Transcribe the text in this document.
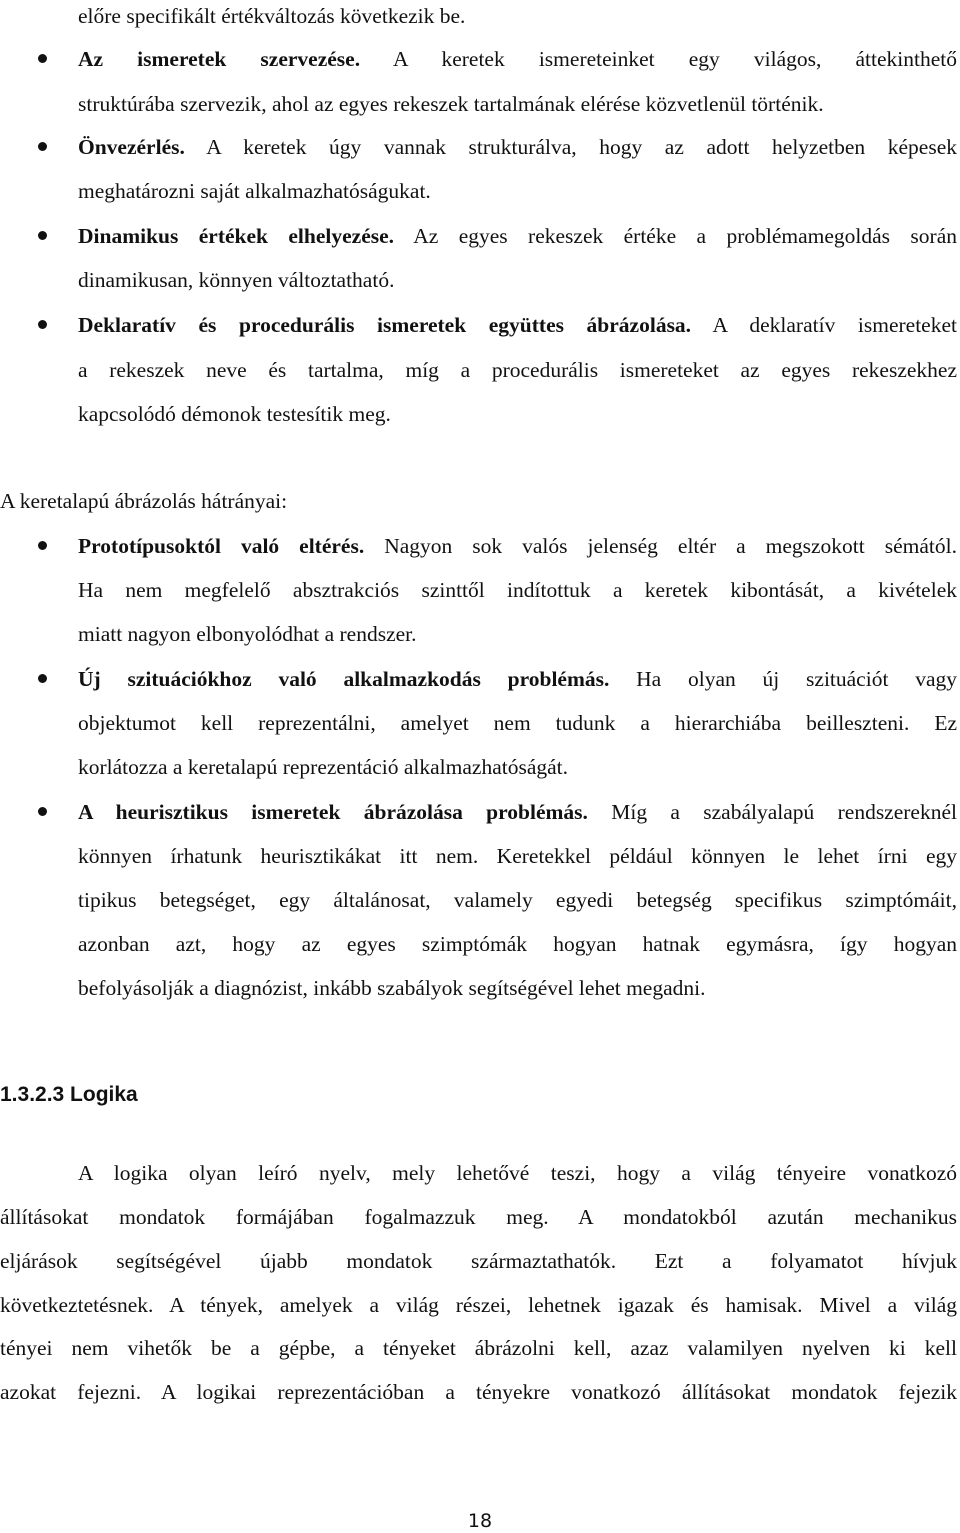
előre specifikált értékváltozás következik be.
Az ismeretek szervezése. A keretek ismereteinket egy világos, áttekinthető
struktúrába szervezik, ahol az egyes rekeszek tartalmának elérése közvetlenül történik.
Önvezérlés. A keretek úgy vannak strukturálva, hogy az adott helyzetben képesek
meghatározni saját alkalmazhatóságukat.
Dinamikus értékek elhelyezése. Az egyes rekeszek értéke a problémamegoldás során
dinamikusan, könnyen változtatható.
Deklaratív és procedurális ismeretek együttes ábrázolása. A deklaratív ismereteket
a rekeszek neve és tartalma, míg a procedurális ismereteket az egyes rekeszekhez
kapcsolódó démonok testesítik meg.
A keretalapú ábrázolás hátrányai:
Prototípusoktól való eltérés. Nagyon sok valós jelenség eltér a megszokott sémától.
Ha nem megfelelő absztrakciós szinttől indítottuk a keretek kibontását, a kivételek
miatt nagyon elbonyolódhat a rendszer.
Új szituációkhoz való alkalmazkodás problémás. Ha olyan új szituációt vagy
objektumot kell reprezentálni, amelyet nem tudunk a hierarchiába beilleszteni. Ez
korlátozza a keretalapú reprezentáció alkalmazhatóságát.
A heurisztikus ismeretek ábrázolása problémás. Míg a szabályalapú rendszereknél
könnyen írhatunk heurisztikákat itt nem. Keretekkel például könnyen le lehet írni egy
tipikus betegséget, egy általánosat, valamely egyedi betegség specifikus szimptómáit,
azonban azt, hogy az egyes szimptómák hogyan hatnak egymásra, így hogyan
befolyásolják a diagnózist, inkább szabályok segítségével lehet megadni.
1.3.2.3 Logika
A logika olyan leíró nyelv, mely lehetővé teszi, hogy a világ tényeire vonatkozó
állításokat mondatok formájában fogalmazzuk meg. A mondatokból azután mechanikus
eljárások segítségével újabb mondatok származtathatók. Ezt a folyamatot hívjuk
következtetésnek. A tények, amelyek a világ részei, lehetnek igazak és hamisak. Mivel a világ
tényei nem vihetők be a gépbe, a tényeket ábrázolni kell, azaz valamilyen nyelven ki kell
azokat fejezni. A logikai reprezentációban a tényekre vonatkozó állításokat mondatok fejezik
18
